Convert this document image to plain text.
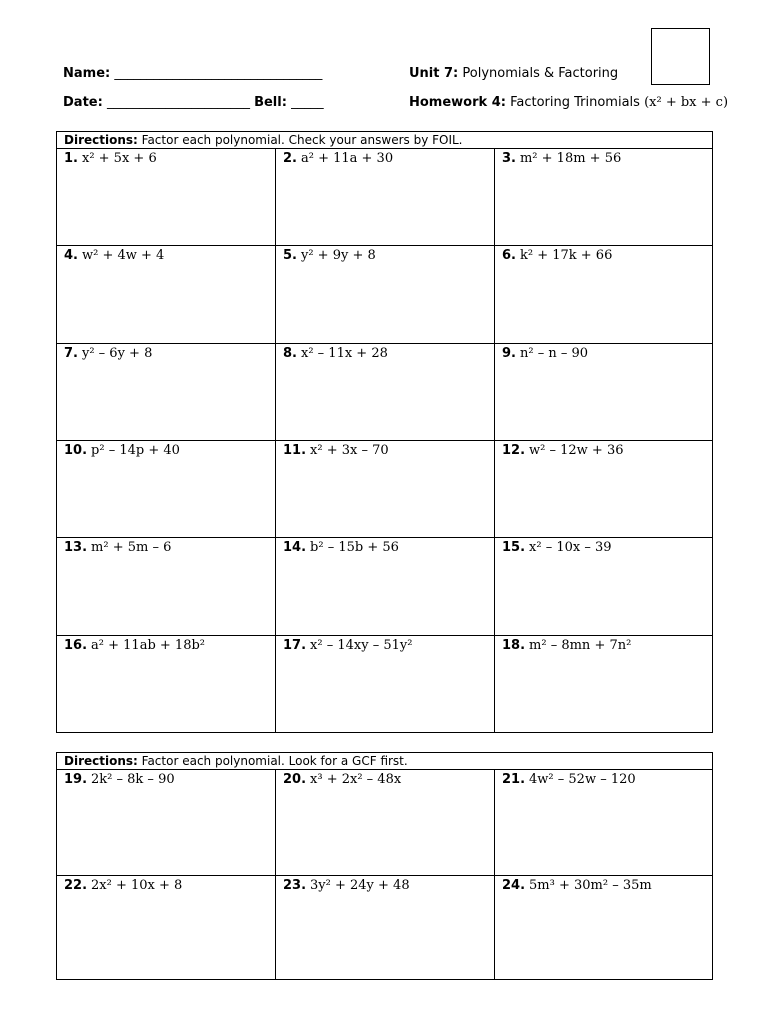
Name: ________________________________
Date: ______________________ Bell: _____
Unit 7: Polynomials & Factoring
Homework 4: Factoring Trinomials (x² + bx + c)
Directions: Factor each polynomial. Check your answers by FOIL.
1. x² + 5x + 6	2. a² + 11a + 30	3. m² + 18m + 56
4. w² + 4w + 4	5. y² + 9y + 8	6. k² + 17k + 66
7. y² – 6y + 8	8. x² – 11x + 28	9. n² – n – 90
10. p² – 14p + 40	11. x² + 3x – 70	12. w² – 12w + 36
13. m² + 5m – 6	14. b² – 15b + 56	15. x² – 10x – 39
16. a² + 11ab + 18b²	17. x² – 14xy – 51y²	18. m² – 8mn + 7n²
Directions: Factor each polynomial. Look for a GCF first.
19. 2k² – 8k – 90	20. x³ + 2x² – 48x	21. 4w² – 52w – 120
22. 2x² + 10x + 8	23. 3y² + 24y + 48	24. 5m³ + 30m² – 35m
